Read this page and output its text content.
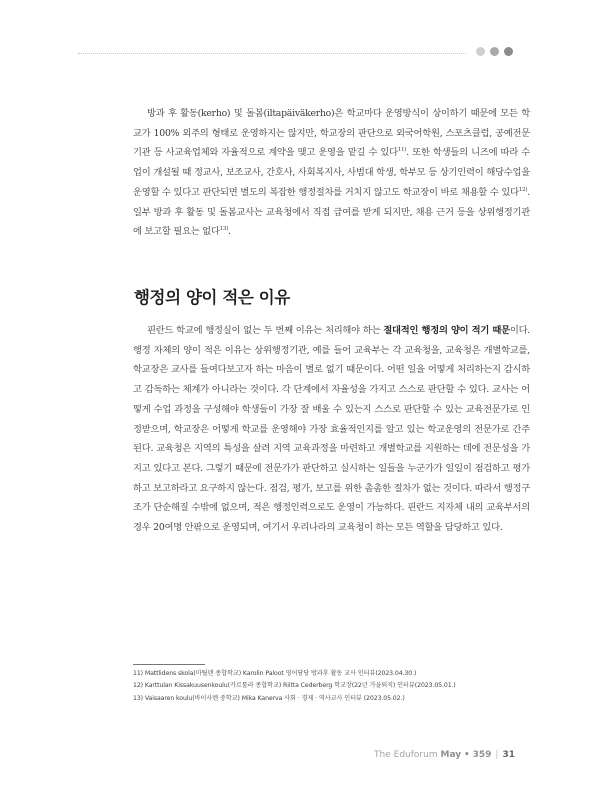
방과 후 활동(kerho) 및 돌봄(iltapäiväkerho)은 학교마다 운영방식이 상이하기 때문에 모든 학교가 100% 외주의 형태로 운영하지는 않지만, 학교장의 판단으로 외국어학원, 스포츠클럽, 공예전문기관 등 사교육업체와 자율적으로 계약을 맺고 운영을 맡길 수 있다$^{11)}$. 또한 학생들의 니즈에 따라 수업이 개설될 때 정교사, 보조교사, 간호사, 사회복지사, 사범대 학생, 학부모 등 상기인력이 해당수업을 운영할 수 있다고 판단되면 별도의 복잡한 행정절차를 거치지 않고도 학교장이 바로 채용할 수 있다$^{12)}$. 일부 방과 후 활동 및 돌봄교사는 교육청에서 직접 급여를 받게 되지만, 채용 근거 등을 상위행정기관에 보고할 필요는 없다$^{13)}$.

행정의 양이 적은 이유

핀란드 학교에 행정실이 없는 두 번째 이유는 처리해야 하는 절대적인 행정의 양이 적기 때문이다. 행정 자체의 양이 적은 이유는 상위행정기관, 예를 들어 교육부는 각 교육청을, 교육청은 개별학교를, 학교장은 교사를 들여다보고자 하는 마음이 별로 없기 때문이다. 어떤 일을 어떻게 처리하는지 감시하고 감독하는 체계가 아니라는 것이다. 각 단계에서 자율성을 가지고 스스로 판단할 수 있다. 교사는 어떻게 수업 과정을 구성해야 학생들이 가장 잘 배울 수 있는지 스스로 판단할 수 있는 교육전문가로 인정받으며, 학교장은 어떻게 학교를 운영해야 가장 효율적인지를 알고 있는 학교운영의 전문가로 간주 된다. 교육청은 지역의 특성을 살려 지역 교육과정을 마련하고 개별학교를 지원하는 데에 전문성을 가지고 있다고 본다. 그렇기 때문에 전문가가 판단하고 실시하는 일들을 누군가가 일일이 점검하고 평가하고 보고하라고 요구하지 않는다. 점검, 평가, 보고를 위한 촘촘한 절차가 없는 것이다. 따라서 행정구조가 단순해질 수밖에 없으며, 적은 행정인력으로도 운영이 가능하다. 핀란드 지자체 내의 교육부서의 경우 20여명 안팎으로 운영되며, 여기서 우리나라의 교육청이 하는 모든 역할을 담당하고 있다.

11) Mattlidens skola(마틸덴 종합학교) Karolin Paloot 영어담당 방과후 활동 교사 인터뷰(2023.04.30.)
12) Karttulan Kissakuusenkoulu(카르툴라 종합학교) Riitta Cederberg 학교장(22년 가을퇴직) 인터뷰(2023.05.01.)
13) Vaisaaren koulu(바이사렌 중학교) Mika Kanerva 사회 · 경제 · 역사교사 인터뷰 (2023.05.02.)
The Eduforum May • 359 | 31
